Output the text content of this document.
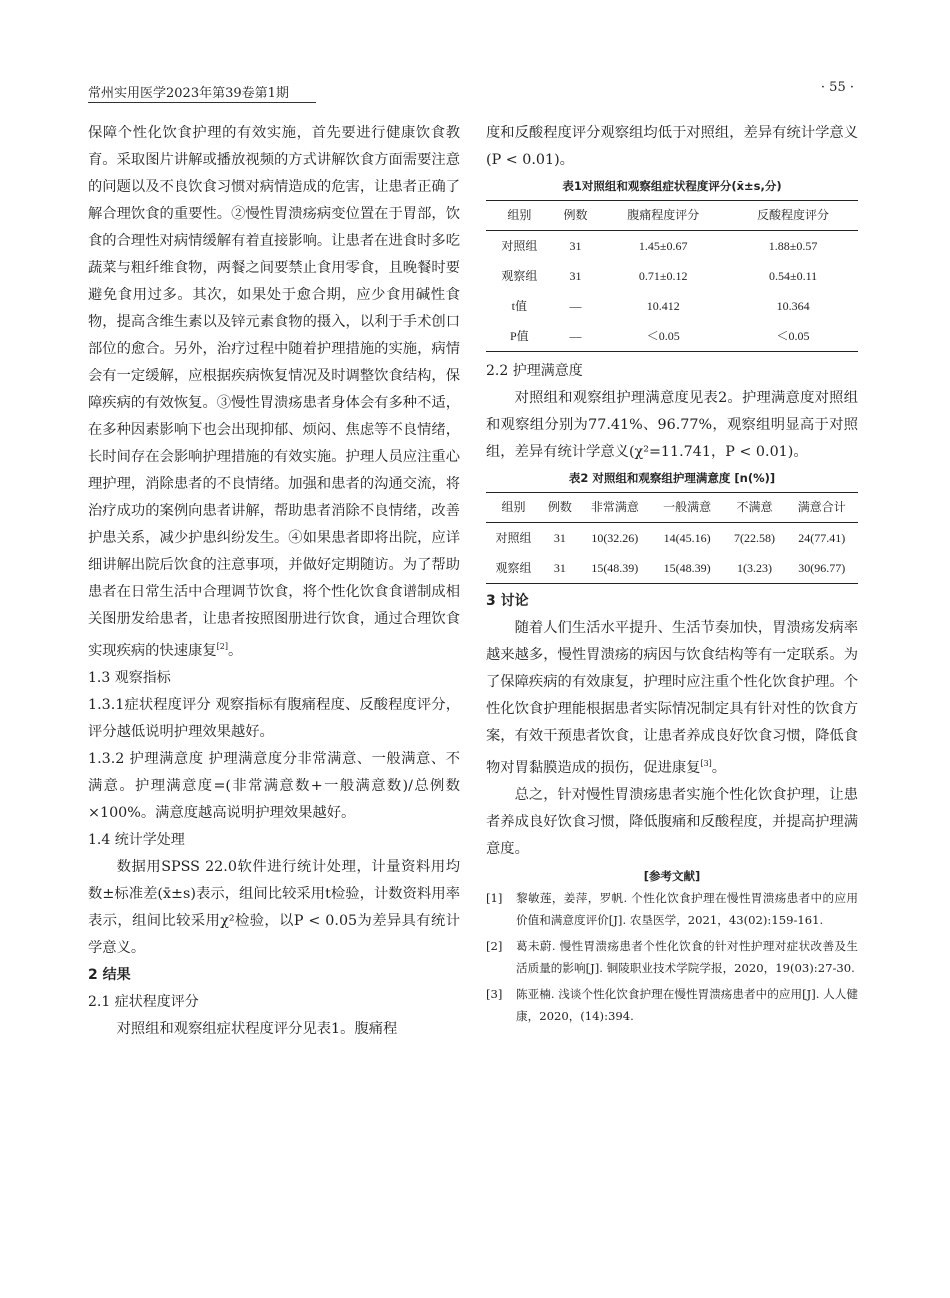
常州实用医学2023年第39卷第1期	· 55 ·

保障个性化饮食护理的有效实施，首先要进行健康饮食教育。采取图片讲解或播放视频的方式讲解饮食方面需要注意的问题以及不良饮食习惯对病情造成的危害，让患者正确了解合理饮食的重要性。②慢性胃溃疡病变位置在于胃部，饮食的合理性对病情缓解有着直接影响。让患者在进食时多吃蔬菜与粗纤维食物，两餐之间要禁止食用零食，且晚餐时要避免食用过多。其次，如果处于愈合期，应少食用碱性食物，提高含维生素以及锌元素食物的摄入，以利于手术创口部位的愈合。另外，治疗过程中随着护理措施的实施，病情会有一定缓解，应根据疾病恢复情况及时调整饮食结构，保障疾病的有效恢复。③慢性胃溃疡患者身体会有多种不适，在多种因素影响下也会出现抑郁、烦闷、焦虑等不良情绪，长时间存在会影响护理措施的有效实施。护理人员应注重心理护理，消除患者的不良情绪。加强和患者的沟通交流，将治疗成功的案例向患者讲解，帮助患者消除不良情绪，改善护患关系，减少护患纠纷发生。④如果患者即将出院，应详细讲解出院后饮食的注意事项，并做好定期随访。为了帮助患者在日常生活中合理调节饮食，将个性化饮食食谱制成相关图册发给患者，让患者按照图册进行饮食，通过合理饮食实现疾病的快速康复[2]。

1.3 观察指标

1.3.1症状程度评分 观察指标有腹痛程度、反酸程度评分，评分越低说明护理效果越好。

1.3.2 护理满意度 护理满意度分非常满意、一般满意、不满意。护理满意度=(非常满意数+一般满意数)/总例数×100%。满意度越高说明护理效果越好。

1.4 统计学处理

数据用SPSS 22.0软件进行统计处理，计量资料用均数±标准差(x̄±s)表示，组间比较采用t检验，计数资料用率表示，组间比较采用χ²检验，以P < 0.05为差异具有统计学意义。

2 结果
2.1 症状程度评分

对照组和观察组症状程度评分见表1。腹痛程

度和反酸程度评分观察组均低于对照组，差异有统计学意义(P < 0.01)。

表1对照组和观察组症状程度评分(x̄±s,分)
组别	例数	腹痛程度评分	反酸程度评分
对照组	31	1.45±0.67	1.88±0.57
观察组	31	0.71±0.12	0.54±0.11
t值	—	10.412	10.364
P值	—	＜0.05	＜0.05
2.2 护理满意度

对照组和观察组护理满意度见表2。护理满意度对照组和观察组分别为77.41%、96.77%，观察组明显高于对照组，差异有统计学意义(χ²=11.741，P < 0.01)。

表2 对照组和观察组护理满意度 [n(%)]
组别	例数	非常满意	一般满意	不满意	满意合计
对照组	31	10(32.26)	14(45.16)	7(22.58)	24(77.41)
观察组	31	15(48.39)	15(48.39)	1(3.23)	30(96.77)
3 讨论

随着人们生活水平提升、生活节奏加快，胃溃疡发病率越来越多，慢性胃溃疡的病因与饮食结构等有一定联系。为了保障疾病的有效康复，护理时应注重个性化饮食护理。个性化饮食护理能根据患者实际情况制定具有针对性的饮食方案，有效干预患者饮食，让患者养成良好饮食习惯，降低食物对胃黏膜造成的损伤，促进康复[3]。

总之，针对慢性胃溃疡患者实施个性化饮食护理，让患者养成良好饮食习惯，降低腹痛和反酸程度，并提高护理满意度。

[参考文献]
[1]	黎敏莲，姜萍，罗帆. 个性化饮食护理在慢性胃溃疡患者中的应用价值和满意度评价[J]. 农垦医学，2021，43(02):159-161.
[2]	葛未蔚. 慢性胃溃疡患者个性化饮食的针对性护理对症状改善及生活质量的影响[J]. 铜陵职业技术学院学报，2020，19(03):27-30.
[3]	陈亚楠. 浅谈个性化饮食护理在慢性胃溃疡患者中的应用[J]. 人人健康，2020，(14):394.
